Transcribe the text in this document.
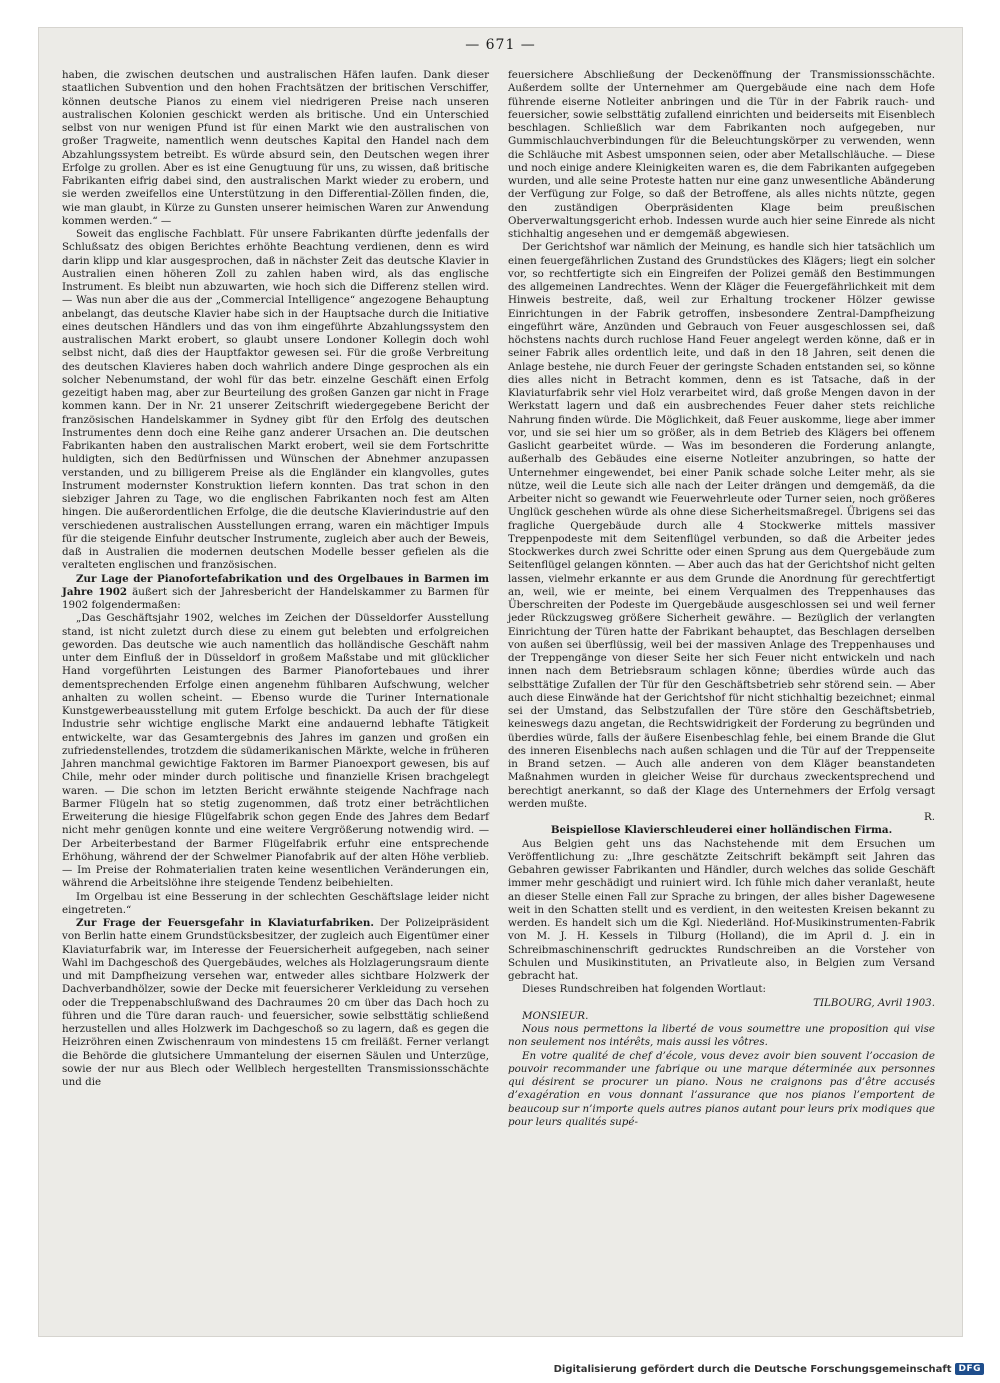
— 671 —

haben, die zwischen deutschen und australischen Häfen laufen. Dank dieser staatlichen Subvention und den hohen Frachtsätzen der britischen Verschiffer, können deutsche Pianos zu einem viel niedrigeren Preise nach unseren australischen Kolonien geschickt werden als britische. Und ein Unterschied selbst von nur wenigen Pfund ist für einen Markt wie den australischen von großer Tragweite, namentlich wenn deutsches Kapital den Handel nach dem Abzahlungssystem betreibt. Es würde absurd sein, den Deutschen wegen ihrer Erfolge zu grollen. Aber es ist eine Genugtuung für uns, zu wissen, daß britische Fabrikanten eifrig dabei sind, den australischen Markt wieder zu erobern, und sie werden zweifellos eine Unterstützung in den Differential-Zöllen finden, die, wie man glaubt, in Kürze zu Gunsten unserer heimischen Waren zur Anwendung kommen werden.“ —

Soweit das englische Fachblatt. Für unsere Fabrikanten dürfte jedenfalls der Schlußsatz des obigen Berichtes erhöhte Beachtung verdienen, denn es wird darin klipp und klar ausgesprochen, daß in nächster Zeit das deutsche Klavier in Australien einen höheren Zoll zu zahlen haben wird, als das englische Instrument. Es bleibt nun abzuwarten, wie hoch sich die Differenz stellen wird. — Was nun aber die aus der „Commercial Intelligence“ angezogene Behauptung anbelangt, das deutsche Klavier habe sich in der Hauptsache durch die Initiative eines deutschen Händlers und das von ihm eingeführte Abzahlungssystem den australischen Markt erobert, so glaubt unsere Londoner Kollegin doch wohl selbst nicht, daß dies der Hauptfaktor gewesen sei. Für die große Verbreitung des deutschen Klavieres haben doch wahrlich andere Dinge gesprochen als ein solcher Nebenumstand, der wohl für das betr. einzelne Geschäft einen Erfolg gezeitigt haben mag, aber zur Beurteilung des großen Ganzen gar nicht in Frage kommen kann. Der in Nr. 21 unserer Zeitschrift wiedergegebene Bericht der französischen Handelskammer in Sydney gibt für den Erfolg des deutschen Instrumentes denn doch eine Reihe ganz anderer Ursachen an. Die deutschen Fabrikanten haben den australischen Markt erobert, weil sie dem Fortschritte huldigten, sich den Bedürfnissen und Wünschen der Abnehmer anzupassen verstanden, und zu billigerem Preise als die Engländer ein klangvolles, gutes Instrument modernster Konstruktion liefern konnten. Das trat schon in den siebziger Jahren zu Tage, wo die englischen Fabrikanten noch fest am Alten hingen. Die außerordentlichen Erfolge, die die deutsche Klavierindustrie auf den verschiedenen australischen Ausstellungen errang, waren ein mächtiger Impuls für die steigende Einfuhr deutscher Instrumente, zugleich aber auch der Beweis, daß in Australien die modernen deutschen Modelle besser gefielen als die veralteten englischen und französischen.

Zur Lage der Pianofortefabrikation und des Orgelbaues in Barmen im Jahre 1902 äußert sich der Jahresbericht der Handelskammer zu Barmen für 1902 folgendermaßen:

„Das Geschäftsjahr 1902, welches im Zeichen der Düsseldorfer Ausstellung stand, ist nicht zuletzt durch diese zu einem gut belebten und erfolgreichen geworden. Das deutsche wie auch namentlich das holländische Geschäft nahm unter dem Einfluß der in Düsseldorf in großem Maßstabe und mit glücklicher Hand vorgeführten Leistungen des Barmer Pianofortebaues und ihrer dementsprechenden Erfolge einen angenehm fühlbaren Aufschwung, welcher anhalten zu wollen scheint. — Ebenso wurde die Turiner Internationale Kunstgewerbeausstellung mit gutem Erfolge beschickt. Da auch der für diese Industrie sehr wichtige englische Markt eine andauernd lebhafte Tätigkeit entwickelte, war das Gesamtergebnis des Jahres im ganzen und großen ein zufriedenstellendes, trotzdem die südamerikanischen Märkte, welche in früheren Jahren manchmal gewichtige Faktoren im Barmer Pianoexport gewesen, bis auf Chile, mehr oder minder durch politische und finanzielle Krisen brachgelegt waren. — Die schon im letzten Bericht erwähnte steigende Nachfrage nach Barmer Flügeln hat so stetig zugenommen, daß trotz einer beträchtlichen Erweiterung die hiesige Flügelfabrik schon gegen Ende des Jahres dem Bedarf nicht mehr genügen konnte und eine weitere Vergrößerung notwendig wird. — Der Arbeiterbestand der Barmer Flügelfabrik erfuhr eine entsprechende Erhöhung, während der der Schwelmer Pianofabrik auf der alten Höhe verblieb. — Im Preise der Rohmaterialien traten keine wesentlichen Veränderungen ein, während die Arbeitslöhne ihre steigende Tendenz beibehielten.

Im Orgelbau ist eine Besserung in der schlechten Geschäftslage leider nicht eingetreten.“

Zur Frage der Feuersgefahr in Klaviaturfabriken. Der Polizeipräsident von Berlin hatte einem Grundstücksbesitzer, der zugleich auch Eigentümer einer Klaviaturfabrik war, im Interesse der Feuersicherheit aufgegeben, nach seiner Wahl im Dachgeschoß des Quergebäudes, welches als Holzlagerungsraum diente und mit Dampfheizung versehen war, entweder alles sichtbare Holzwerk der Dachverbandhölzer, sowie der Decke mit feuersicherer Verkleidung zu versehen oder die Treppenabschlußwand des Dachraumes 20 cm über das Dach hoch zu führen und die Türe daran rauch- und feuersicher, sowie selbsttätig schließend herzustellen und alles Holzwerk im Dachgeschoß so zu lagern, daß es gegen die Heizröhren einen Zwischenraum von mindestens 15 cm freiläßt. Ferner verlangt die Behörde die glutsichere Ummantelung der eisernen Säulen und Unterzüge, sowie der nur aus Blech oder Wellblech hergestellten Transmissionsschächte und die

feuersichere Abschließung der Deckenöffnung der Transmissionsschächte. Außerdem sollte der Unternehmer am Quergebäude eine nach dem Hofe führende eiserne Notleiter anbringen und die Tür in der Fabrik rauch- und feuersicher, sowie selbsttätig zufallend einrichten und beiderseits mit Eisenblech beschlagen. Schließlich war dem Fabrikanten noch aufgegeben, nur Gummischlauchverbindungen für die Beleuchtungskörper zu verwenden, wenn die Schläuche mit Asbest umsponnen seien, oder aber Metallschläuche. — Diese und noch einige andere Kleinigkeiten waren es, die dem Fabrikanten aufgegeben wurden, und alle seine Proteste hatten nur eine ganz unwesentliche Abänderung der Verfügung zur Folge, so daß der Betroffene, als alles nichts nützte, gegen den zuständigen Oberpräsidenten Klage beim preußischen Oberverwaltungsgericht erhob. Indessen wurde auch hier seine Einrede als nicht stichhaltig angesehen und er demgemäß abgewiesen.

Der Gerichtshof war nämlich der Meinung, es handle sich hier tatsächlich um einen feuergefährlichen Zustand des Grundstückes des Klägers; liegt ein solcher vor, so rechtfertigte sich ein Eingreifen der Polizei gemäß den Bestimmungen des allgemeinen Landrechtes. Wenn der Kläger die Feuergefährlichkeit mit dem Hinweis bestreite, daß, weil zur Erhaltung trockener Hölzer gewisse Einrichtungen in der Fabrik getroffen, insbesondere Zentral-Dampfheizung eingeführt wäre, Anzünden und Gebrauch von Feuer ausgeschlossen sei, daß höchstens nachts durch ruchlose Hand Feuer angelegt werden könne, daß er in seiner Fabrik alles ordentlich leite, und daß in den 18 Jahren, seit denen die Anlage bestehe, nie durch Feuer der geringste Schaden entstanden sei, so könne dies alles nicht in Betracht kommen, denn es ist Tatsache, daß in der Klaviaturfabrik sehr viel Holz verarbeitet wird, daß große Mengen davon in der Werkstatt lagern und daß ein ausbrechendes Feuer daher stets reichliche Nahrung finden würde. Die Möglichkeit, daß Feuer auskomme, liege aber immer vor, und sie sei hier um so größer, als in dem Betrieb des Klägers bei offenem Gaslicht gearbeitet würde. — Was im besonderen die Forderung anlangte, außerhalb des Gebäudes eine eiserne Notleiter anzubringen, so hatte der Unternehmer eingewendet, bei einer Panik schade solche Leiter mehr, als sie nütze, weil die Leute sich alle nach der Leiter drängen und demgemäß, da die Arbeiter nicht so gewandt wie Feuerwehrleute oder Turner seien, noch größeres Unglück geschehen würde als ohne diese Sicherheitsmaßregel. Übrigens sei das fragliche Quergebäude durch alle 4 Stockwerke mittels massiver Treppenpodeste mit dem Seitenflügel verbunden, so daß die Arbeiter jedes Stockwerkes durch zwei Schritte oder einen Sprung aus dem Quergebäude zum Seitenflügel gelangen könnten. — Aber auch das hat der Gerichtshof nicht gelten lassen, vielmehr erkannte er aus dem Grunde die Anordnung für gerechtfertigt an, weil, wie er meinte, bei einem Verqualmen des Treppenhauses das Überschreiten der Podeste im Quergebäude ausgeschlossen sei und weil ferner jeder Rückzugsweg größere Sicherheit gewähre. — Bezüglich der verlangten Einrichtung der Türen hatte der Fabrikant behauptet, das Beschlagen derselben von außen sei überflüssig, weil bei der massiven Anlage des Treppenhauses und der Treppengänge von dieser Seite her sich Feuer nicht entwickeln und nach innen nach dem Betriebsraum schlagen könne; überdies würde auch das selbsttätige Zufallen der Tür für den Geschäftsbetrieb sehr störend sein. — Aber auch diese Einwände hat der Gerichtshof für nicht stichhaltig bezeichnet; einmal sei der Umstand, das Selbstzufallen der Türe störe den Geschäftsbetrieb, keineswegs dazu angetan, die Rechtswidrigkeit der Forderung zu begründen und überdies würde, falls der äußere Eisenbeschlag fehle, bei einem Brande die Glut des inneren Eisenblechs nach außen schlagen und die Tür auf der Treppenseite in Brand setzen. — Auch alle anderen von dem Kläger beanstandeten Maßnahmen wurden in gleicher Weise für durchaus zweckentsprechend und berechtigt anerkannt, so daß der Klage des Unternehmers der Erfolg versagt werden mußte.

R.

Beispiellose Klavierschleuderei einer holländischen Firma.

Aus Belgien geht uns das Nachstehende mit dem Ersuchen um Veröffentlichung zu: „Ihre geschätzte Zeitschrift bekämpft seit Jahren das Gebahren gewisser Fabrikanten und Händler, durch welches das solide Geschäft immer mehr geschädigt und ruiniert wird. Ich fühle mich daher veranlaßt, heute an dieser Stelle einen Fall zur Sprache zu bringen, der alles bisher Dagewesene weit in den Schatten stellt und es verdient, in den weitesten Kreisen bekannt zu werden. Es handelt sich um die Kgl. Niederländ. Hof-Musikinstrumenten-Fabrik von M. J. H. Kessels in Tilburg (Holland), die im April d. J. ein in Schreibmaschinenschrift gedrucktes Rundschreiben an die Vorsteher von Schulen und Musikinstituten, an Privatleute also, in Belgien zum Versand gebracht hat.

Dieses Rundschreiben hat folgenden Wortlaut:

TILBOURG, Avril 1903.

MONSIEUR.

Nous nous permettons la liberté de vous soumettre une proposition qui vise non seulement nos intérêts, mais aussi les vôtres.

En votre qualité de chef d’école, vous devez avoir bien souvent l’occasion de pouvoir recommander une fabrique ou une marque déterminée aux personnes qui désirent se procurer un piano. Nous ne craignons pas d’être accusés d’exagération en vous donnant l’assurance que nos pianos l’emportent de beaucoup sur n’importe quels autres pianos autant pour leurs prix modiques que pour leurs qualités supé-

Digitalisierung gefördert durch die Deutsche Forschungsgemeinschaft DFG
